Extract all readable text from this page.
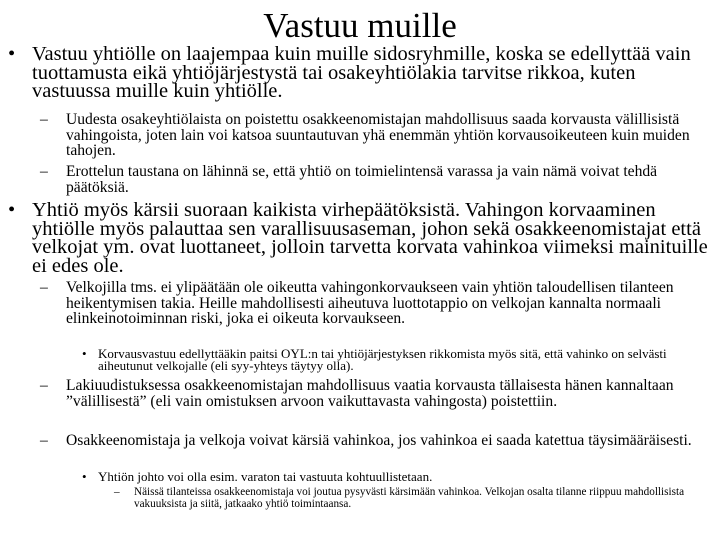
Vastuu muille
• Vastuu yhtiölle on laajempaa kuin muille sidosryhmille, koska se edellyttää vain tuottamusta eikä yhtiöjärjestystä tai osakeyhtiölakia tarvitse rikkoa, kuten vastuussa muille kuin yhtiölle.
– Uudesta osakeyhtiölaista on poistettu osakkeenomistajan mahdollisuus saada korvausta välillisistä vahingoista, joten lain voi katsoa suuntautuvan yhä enemmän yhtiön korvausoikeuteen kuin muiden tahojen.
– Erottelun taustana on lähinnä se, että yhtiö on toimielintensä varassa ja vain nämä voivat tehdä päätöksiä.
• Yhtiö myös kärsii suoraan kaikista virhepäätöksistä. Vahingon korvaaminen yhtiölle myös palauttaa sen varallisuusaseman, johon sekä osakkeenomistajat että velkojat ym. ovat luottaneet, jolloin tarvetta korvata vahinkoa viimeksi mainituille ei edes ole.
– Velkojilla tms. ei ylipäätään ole oikeutta vahingonkorvaukseen vain yhtiön taloudellisen tilanteen heikentymisen takia. Heille mahdollisesti aiheutuva luottotappio on velkojan kannalta normaali elinkeinotoiminnan riski, joka ei oikeuta korvaukseen.
• Korvausvastuu edellyttääkin paitsi OYL:n tai yhtiöjärjestyksen rikkomista myös sitä, että vahinko on selvästi aiheutunut velkojalle (eli syy-yhteys täytyy olla).
– Lakiuudistuksessa osakkeenomistajan mahdollisuus vaatia korvausta tällaisesta hänen kannaltaan ”välillisestä” (eli vain omistuksen arvoon vaikuttavasta vahingosta) poistettiin.
– Osakkeenomistaja ja velkoja voivat kärsiä vahinkoa, jos vahinkoa ei saada katettua täysimääräisesti.
• Yhtiön johto voi olla esim. varaton tai vastuuta kohtuullistetaan.
– Näissä tilanteissa osakkeenomistaja voi joutua pysyvästi kärsimään vahinkoa. Velkojan osalta tilanne riippuu mahdollisista vakuuksista ja siitä, jatkaako yhtiö toimintaansa.
